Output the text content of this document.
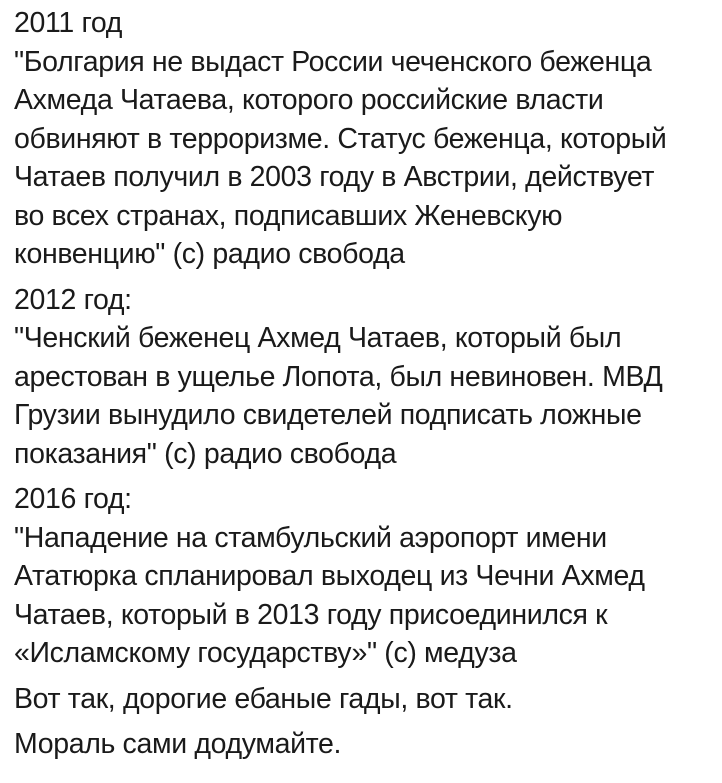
2011 год
"Болгария не выдаст России чеченского беженца
Ахмеда Чатаева, которого российские власти
обвиняют в терроризме. Статус беженца, который
Чатаев получил в 2003 году в Австрии, действует
во всех странах, подписавших Женевскую
конвенцию" (с) радио свобода
2012 год:
"Ченский беженец Ахмед Чатаев, который был
арестован в ущелье Лопота, был невиновен. МВД
Грузии вынудило свидетелей подписать ложные
показания" (с) радио свобода
2016 год:
"Нападение на стамбульский аэропорт имени
Ататюрка спланировал выходец из Чечни Ахмед
Чатаев, который в 2013 году присоединился к
«Исламскому государству»" (с) медуза
Вот так, дорогие ебаные гады, вот так.
Мораль сами додумайте.
